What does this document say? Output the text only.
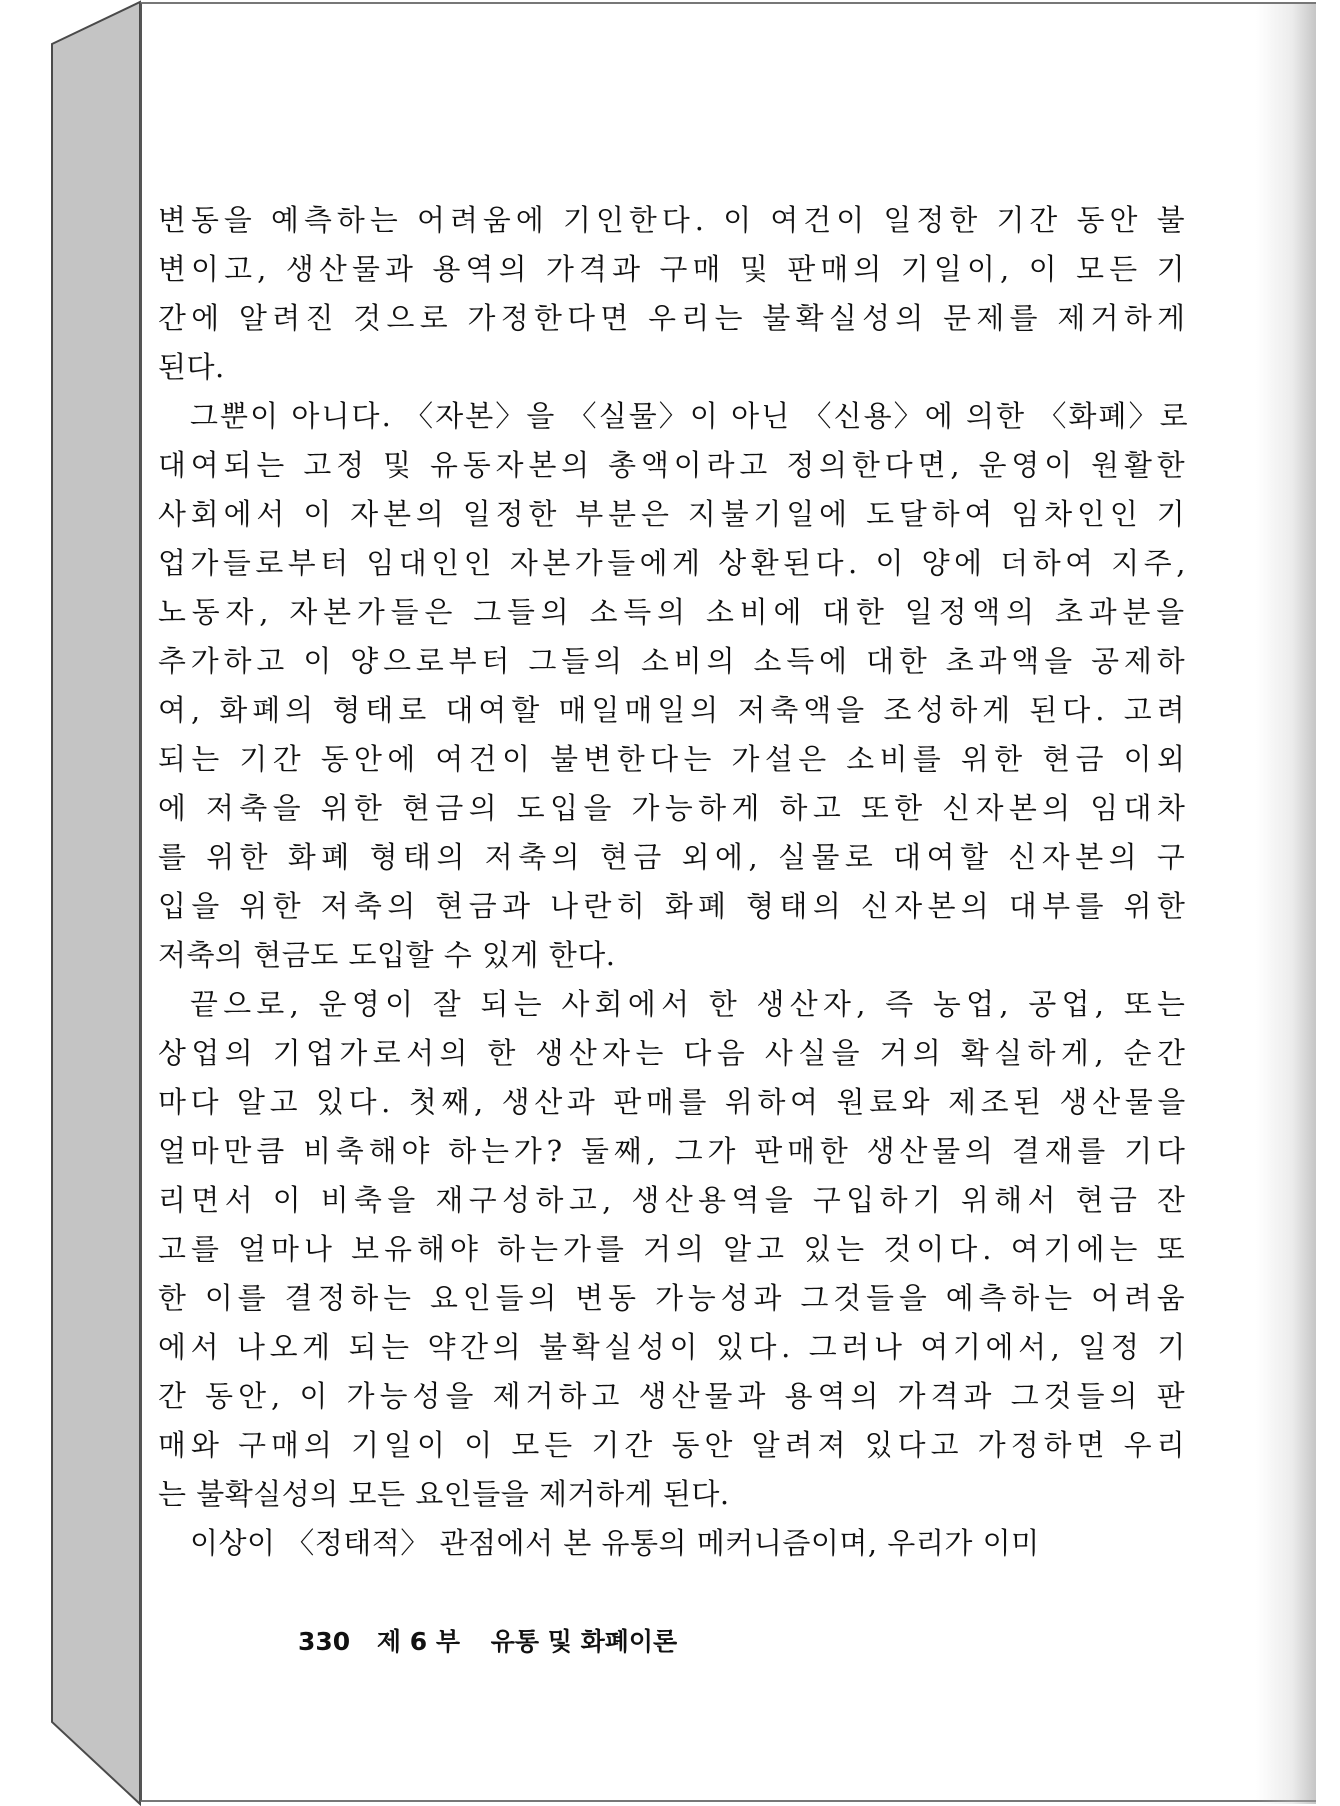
변동을 예측하는 어려움에 기인한다. 이 여건이 일정한 기간 동안 불
변이고, 생산물과 용역의 가격과 구매 및 판매의 기일이, 이 모든 기
간에 알려진 것으로 가정한다면 우리는 불확실성의 문제를 제거하게
된다.
그뿐이 아니다. 〈자본〉을 〈실물〉이 아닌 〈신용〉에 의한 〈화폐〉로
대여되는 고정 및 유동자본의 총액이라고 정의한다면, 운영이 원활한
사회에서 이 자본의 일정한 부분은 지불기일에 도달하여 임차인인 기
업가들로부터 임대인인 자본가들에게 상환된다. 이 양에 더하여 지주,
노동자, 자본가들은 그들의 소득의 소비에 대한 일정액의 초과분을
추가하고 이 양으로부터 그들의 소비의 소득에 대한 초과액을 공제하
여, 화폐의 형태로 대여할 매일매일의 저축액을 조성하게 된다. 고려
되는 기간 동안에 여건이 불변한다는 가설은 소비를 위한 현금 이외
에 저축을 위한 현금의 도입을 가능하게 하고 또한 신자본의 임대차
를 위한 화폐 형태의 저축의 현금 외에, 실물로 대여할 신자본의 구
입을 위한 저축의 현금과 나란히 화폐 형태의 신자본의 대부를 위한
저축의 현금도 도입할 수 있게 한다.
끝으로, 운영이 잘 되는 사회에서 한 생산자, 즉 농업, 공업, 또는
상업의 기업가로서의 한 생산자는 다음 사실을 거의 확실하게, 순간
마다 알고 있다. 첫째, 생산과 판매를 위하여 원료와 제조된 생산물을
얼마만큼 비축해야 하는가? 둘째, 그가 판매한 생산물의 결재를 기다
리면서 이 비축을 재구성하고, 생산용역을 구입하기 위해서 현금 잔
고를 얼마나 보유해야 하는가를 거의 알고 있는 것이다. 여기에는 또
한 이를 결정하는 요인들의 변동 가능성과 그것들을 예측하는 어려움
에서 나오게 되는 약간의 불확실성이 있다. 그러나 여기에서, 일정 기
간 동안, 이 가능성을 제거하고 생산물과 용역의 가격과 그것들의 판
매와 구매의 기일이 이 모든 기간 동안 알려져 있다고 가정하면 우리
는 불확실성의 모든 요인들을 제거하게 된다.
이상이 〈정태적〉 관점에서 본 유통의 메커니즘이며, 우리가 이미
330 제 6 부 유통 및 화폐이론
